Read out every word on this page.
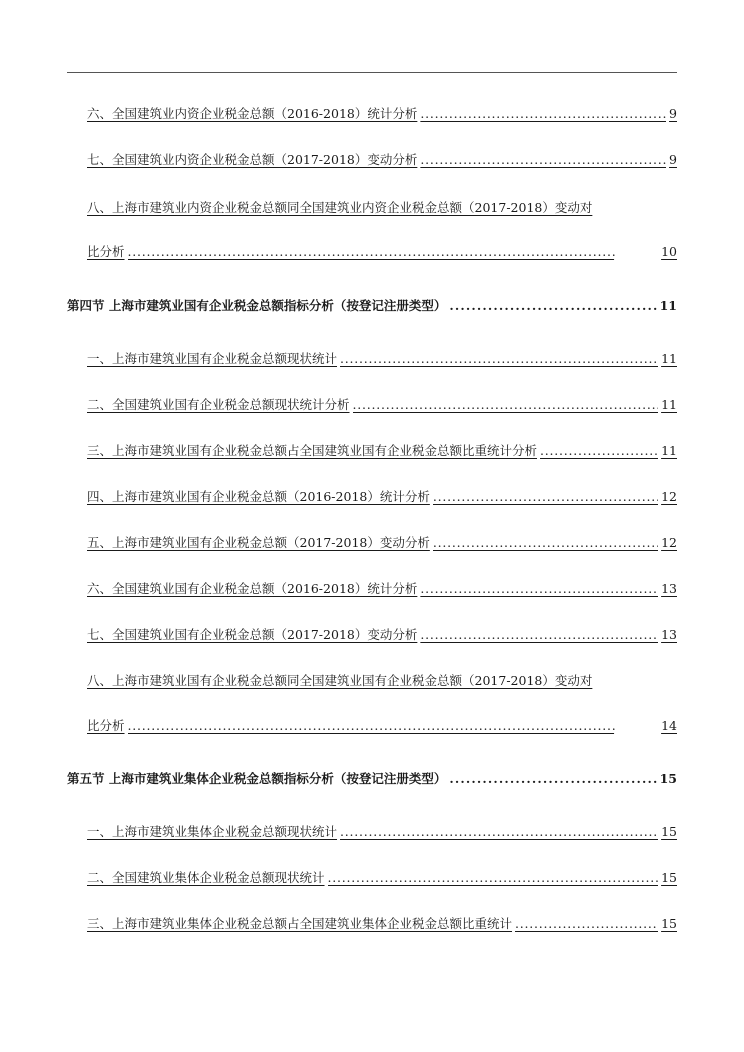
六、全国建筑业内资企业税金总额（2016-2018）统计分析 . . .	9
七、全国建筑业内资企业税金总额（2017-2018）变动分析 . . .	9
八、上海市建筑业内资企业税金总额同全国建筑业内资企业税金总额（2017-2018）变动对
比分析 . . .	10
第四节 上海市建筑业国有企业税金总额指标分析（按登记注册类型） . . .	11
一、上海市建筑业国有企业税金总额现状统计 . . .	11
二、全国建筑业国有企业税金总额现状统计分析 . . .	11
三、上海市建筑业国有企业税金总额占全国建筑业国有企业税金总额比重统计分析 . . .	11
四、上海市建筑业国有企业税金总额（2016-2018）统计分析 . . .	12
五、上海市建筑业国有企业税金总额（2017-2018）变动分析 . . .	12
六、全国建筑业国有企业税金总额（2016-2018）统计分析 . . .	13
七、全国建筑业国有企业税金总额（2017-2018）变动分析 . . .	13
八、上海市建筑业国有企业税金总额同全国建筑业国有企业税金总额（2017-2018）变动对
比分析 . . .	14
第五节 上海市建筑业集体企业税金总额指标分析（按登记注册类型） . . .	15
一、上海市建筑业集体企业税金总额现状统计 . . .	15
二、全国建筑业集体企业税金总额现状统计 . . .	15
三、上海市建筑业集体企业税金总额占全国建筑业集体企业税金总额比重统计 . . .	15
